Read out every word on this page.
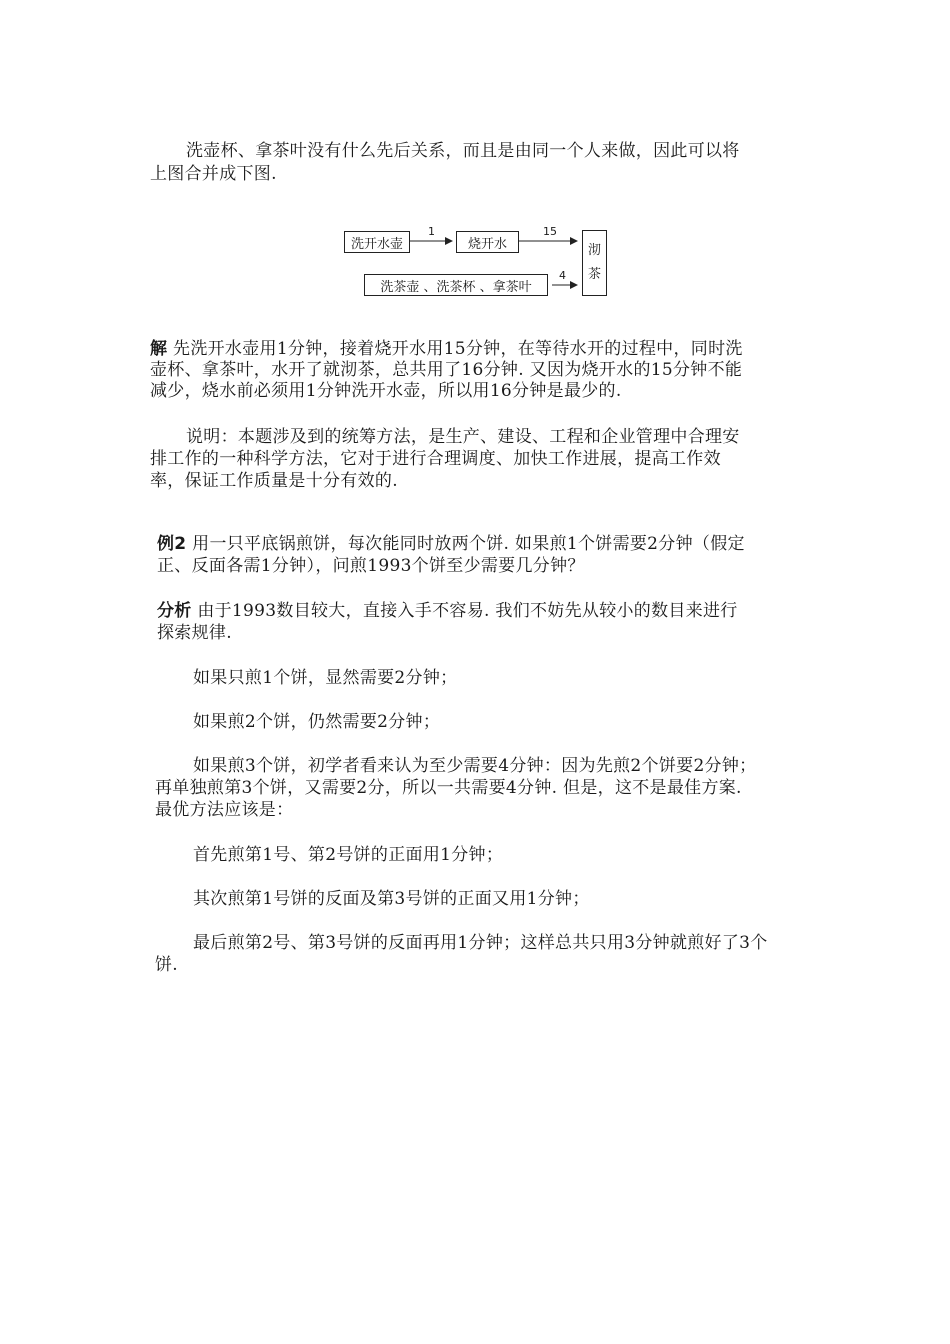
洗壶杯、拿茶叶没有什么先后关系，而且是由同一个人来做，因此可以将
上图合并成下图.
洗开水壶	烧开水
洗茶壶 、洗茶杯 、拿茶叶
沏
茶
1	15
4
解 先洗开水壶用1分钟，接着烧开水用15分钟，在等待水开的过程中，同时洗
壶杯、拿茶叶，水开了就沏茶，总共用了16分钟. 又因为烧开水的15分钟不能
减少，烧水前必须用1分钟洗开水壶，所以用16分钟是最少的.
说明：本题涉及到的统筹方法，是生产、建设、工程和企业管理中合理安
排工作的一种科学方法，它对于进行合理调度、加快工作进展，提高工作效
率，保证工作质量是十分有效的.
例2 用一只平底锅煎饼，每次能同时放两个饼. 如果煎1个饼需要2分钟（假定
正、反面各需1分钟），问煎1993个饼至少需要几分钟？
分析 由于1993数目较大，直接入手不容易. 我们不妨先从较小的数目来进行
探索规律.
如果只煎1个饼，显然需要2分钟；
如果煎2个饼，仍然需要2分钟；
如果煎3个饼，初学者看来认为至少需要4分钟：因为先煎2个饼要2分钟；
再单独煎第3个饼，又需要2分，所以一共需要4分钟. 但是，这不是最佳方案.
最优方法应该是：
首先煎第1号、第2号饼的正面用1分钟；
其次煎第1号饼的反面及第3号饼的正面又用1分钟；
最后煎第2号、第3号饼的反面再用1分钟；这样总共只用3分钟就煎好了3个
饼.
